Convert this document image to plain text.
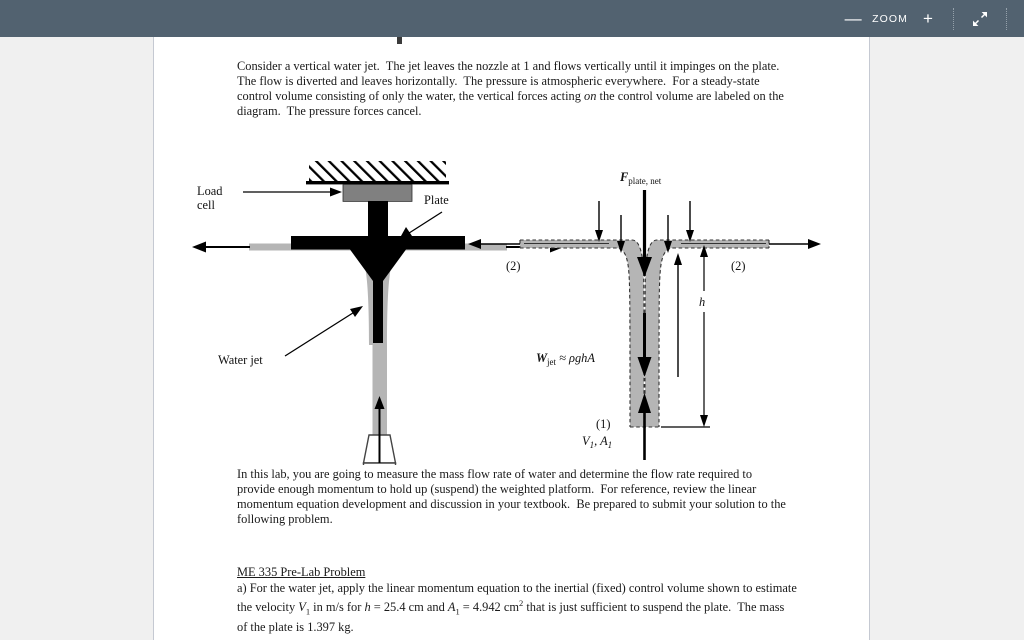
—	ZOOM +
Consider a vertical water jet.  The jet leaves the nozzle at 1 and flows vertically until it impinges on the plate.  The flow is diverted and leaves horizontally.  The pressure is atmospheric everywhere.  For a steady-state control volume consisting of only the water, the vertical forces acting on the control volume are labeled on the diagram.  The pressure forces cancel.
Load
cell	Plate
Water jet
$F_{plate, net}$
$W_{jet} \approx \rho ghA$
h
(2)	(2)
(1)
$V_1$, $A_1$
In this lab, you are going to measure the mass flow rate of water and determine the flow rate required to provide enough momentum to hold up (suspend) the weighted platform.  For reference, review the linear momentum equation development and discussion in your textbook.  Be prepared to submit your solution to the following problem.
ME 335 Pre-Lab Problem
a) For the water jet, apply the linear momentum equation to the inertial (fixed) control volume shown to estimate the velocity $V_1$ in m/s for h = 25.4 cm and $A_1 = 4.942$ $cm^2$ that is just sufficient to suspend the plate.  The mass of the plate is 1.397 kg.
